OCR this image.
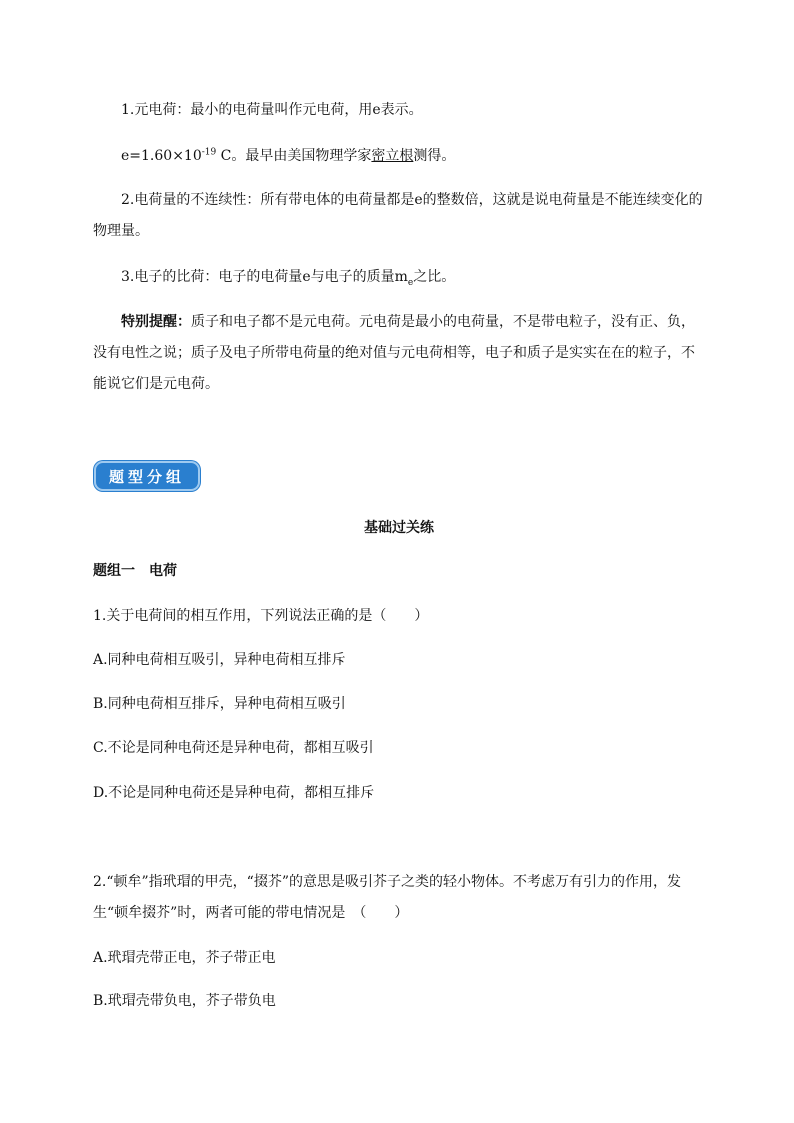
1.元电荷：最小的电荷量叫作元电荷，用e表示。
$e=1.60\times 10^{-19}$ C。最早由美国物理学家密立根测得。
2.电荷量的不连续性：所有带电体的电荷量都是e的整数倍，这就是说电荷量是不能连续变化的物理量。
3.电子的比荷：电子的电荷量e与电子的质量$m_e$之比。
特别提醒：质子和电子都不是元电荷。元电荷是最小的电荷量，不是带电粒子，没有正、负，没有电性之说；质子及电子所带电荷量的绝对值与元电荷相等，电子和质子是实实在在的粒子，不能说它们是元电荷。
题型分组
基础过关练
题组一　电荷
1.关于电荷间的相互作用，下列说法正确的是（　　）
A.同种电荷相互吸引，异种电荷相互排斥
B.同种电荷相互排斥，异种电荷相互吸引
C.不论是同种电荷还是异种电荷，都相互吸引
D.不论是同种电荷还是异种电荷，都相互排斥
2.“顿牟”指玳瑁的甲壳，“掇芥”的意思是吸引芥子之类的轻小物体。不考虑万有引力的作用，发生“顿牟掇芥”时，两者可能的带电情况是　（　　）
A.玳瑁壳带正电，芥子带正电
B.玳瑁壳带负电，芥子带负电
